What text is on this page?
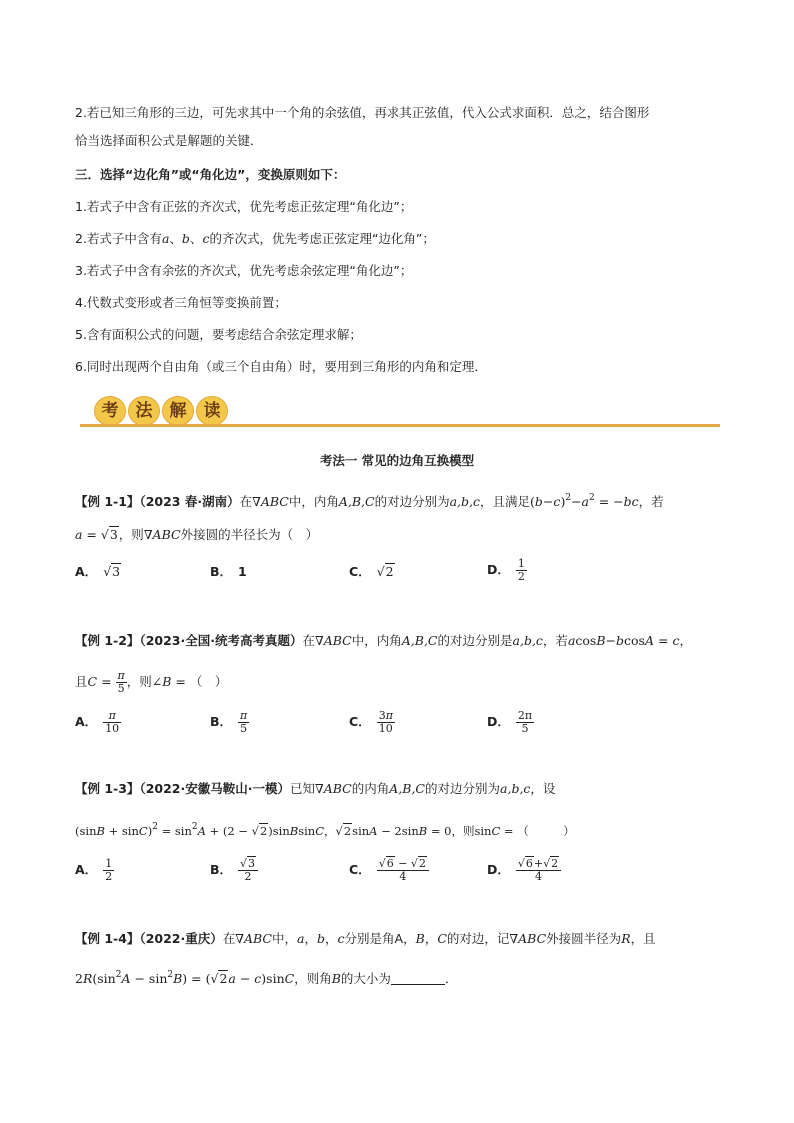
2.若已知三角形的三边，可先求其中一个角的余弦值，再求其正弦值，代入公式求面积．总之，结合图形
恰当选择面积公式是解题的关键．
三．选择“边化角”或“角化边”，变换原则如下：
1.若式子中含有正弦的齐次式，优先考虑正弦定理“角化边”；
2.若式子中含有a、b、c的齐次式，优先考虑正弦定理“边化角”；
3.若式子中含有余弦的齐次式，优先考虑余弦定理“角化边”；
4.代数式变形或者三角恒等变换前置；
5.含有面积公式的问题，要考虑结合余弦定理求解；
6.同时出现两个自由角（或三个自由角）时，要用到三角形的内角和定理．
考	法	解	读
考法一 常见的边角互换模型
【例 1-1】（2023 春·湖南）在∇ABC中，内角A,B,C的对边分别为a,b,c，且满足$(b-c)^2-a^2 = -bc$，若
a = √3，则∇ABC外接圆的半径长为（　）
A． √3	B． 1	C． √2	D． $\frac{1}{2}$
【例 1-2】（2023·全国·统考高考真题）在∇ABC中，内角A,B,C的对边分别是a,b,c，若acosB−bcosA = c，
且$C = \frac{\pi}{5}$ ，则∠B = （　）
A． $\frac{\pi}{10}$	B． $\frac{\pi}{5}$	C． $\frac{3\pi}{10}$	D． $\frac{2\pi}{5}$
【例 1-3】（2022·安徽马鞍山·一模）已知∇ABC的内角A,B,C的对边分别为a,b,c，设
$(\sin B + \sin C)^2 = \sin^2A + (2$ − √2)sinBsinC，√2sinA − 2sinB = 0，则sinC = （　　　）
A． $\frac{1}{2}$	B． $\frac{√3}{2}$	C． $\frac{√6 - √2}{4}$	D． $\frac{√6+√2}{4}$
【例 1-4】（2022·重庆）在∇ABC中，a，b，c分别是角A，B，C的对边，记∇ABC外接圆半径为R，且
$2R(\sin^2A - \sin^2B) = (√2a - c)\sin C$，则角B的大小为	．
